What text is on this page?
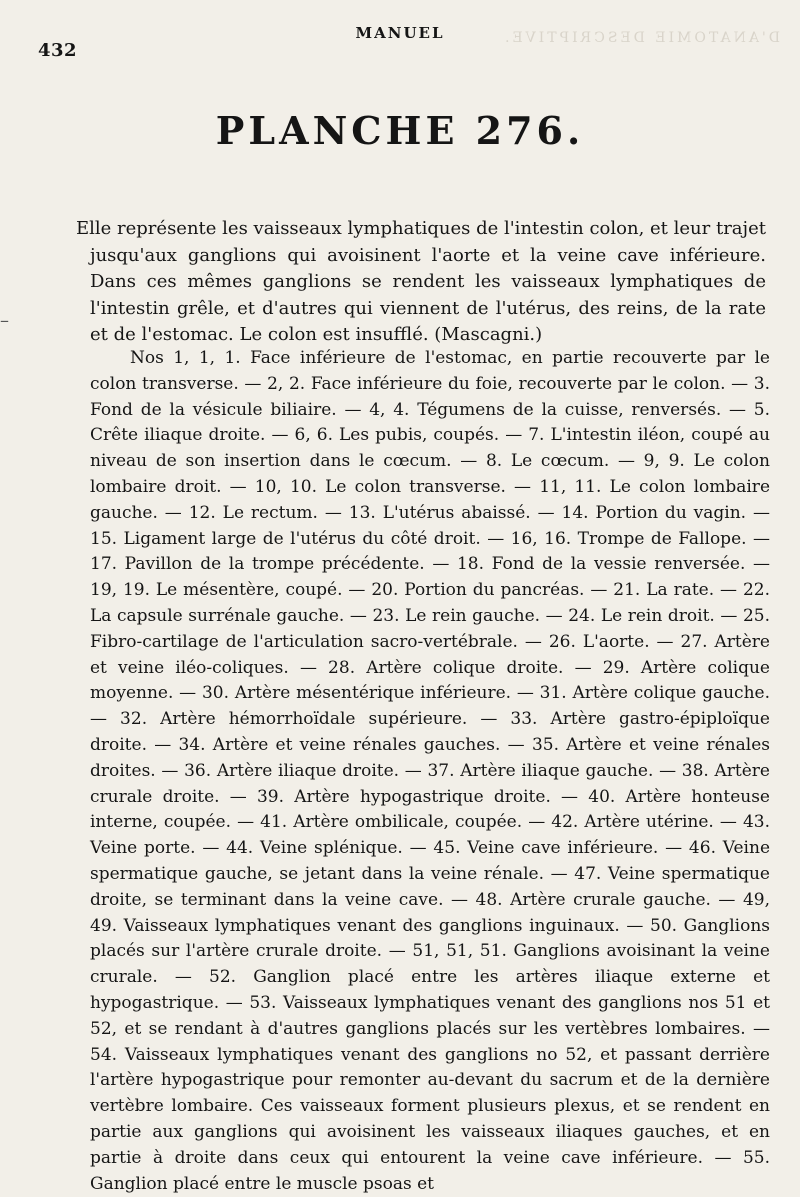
D'ANATOMIE DESCRIPTIVE.
432
MANUEL
PLANCHE 276.
–
Elle représente les vaisseaux lymphatiques de l'intestin colon, et leur trajet jusqu'aux ganglions qui avoisinent l'aorte et la veine cave inférieure. Dans ces mêmes ganglions se rendent les vaisseaux lymphatiques de l'intestin grêle, et d'autres qui viennent de l'utérus, des reins, de la rate et de l'estomac. Le colon est insufflé. (Mascagni.)

Nos 1, 1, 1. Face inférieure de l'estomac, en partie recouverte par le colon transverse. — 2, 2. Face inférieure du foie, recouverte par le colon. — 3. Fond de la vésicule biliaire. — 4, 4. Tégumens de la cuisse, renversés. — 5. Crête iliaque droite. — 6, 6. Les pubis, coupés. — 7. L'intestin iléon, coupé au niveau de son insertion dans le cœcum. — 8. Le cœcum. — 9, 9. Le colon lombaire droit. — 10, 10. Le colon transverse. — 11, 11. Le colon lombaire gauche. — 12. Le rectum. — 13. L'utérus abaissé. — 14. Portion du vagin. — 15. Ligament large de l'utérus du côté droit. — 16, 16. Trompe de Fallope. — 17. Pavillon de la trompe précédente. — 18. Fond de la vessie renversée. — 19, 19. Le mésentère, coupé. — 20. Portion du pancréas. — 21. La rate. — 22. La capsule surrénale gauche. — 23. Le rein gauche. — 24. Le rein droit. — 25. Fibro-cartilage de l'articulation sacro-vertébrale. — 26. L'aorte. — 27. Artère et veine iléo-coliques. — 28. Artère colique droite. — 29. Artère colique moyenne. — 30. Artère mésentérique inférieure. — 31. Artère colique gauche. — 32. Artère hémorrhoïdale supérieure. — 33. Artère gastro-épiploïque droite. — 34. Artère et veine rénales gauches. — 35. Artère et veine rénales droites. — 36. Artère iliaque droite. — 37. Artère iliaque gauche. — 38. Artère crurale droite. — 39. Artère hypogastrique droite. — 40. Artère honteuse interne, coupée. — 41. Artère ombilicale, coupée. — 42. Artère utérine. — 43. Veine porte. — 44. Veine splénique. — 45. Veine cave inférieure. — 46. Veine spermatique gauche, se jetant dans la veine rénale. — 47. Veine spermatique droite, se terminant dans la veine cave. — 48. Artère crurale gauche. — 49, 49. Vaisseaux lymphatiques venant des ganglions inguinaux. — 50. Ganglions placés sur l'artère crurale droite. — 51, 51, 51. Ganglions avoisinant la veine crurale. — 52. Ganglion placé entre les artères iliaque externe et hypogastrique. — 53. Vaisseaux lymphatiques venant des ganglions nos 51 et 52, et se rendant à d'autres ganglions placés sur les vertèbres lombaires. — 54. Vaisseaux lymphatiques venant des ganglions no 52, et passant derrière l'artère hypogastrique pour remonter au-devant du sacrum et de la dernière vertèbre lombaire. Ces vaisseaux forment plusieurs plexus, et se rendent en partie aux ganglions qui avoisinent les vaisseaux iliaques gauches, et en partie à droite dans ceux qui entourent la veine cave inférieure. — 55. Ganglion placé entre le muscle psoas et
